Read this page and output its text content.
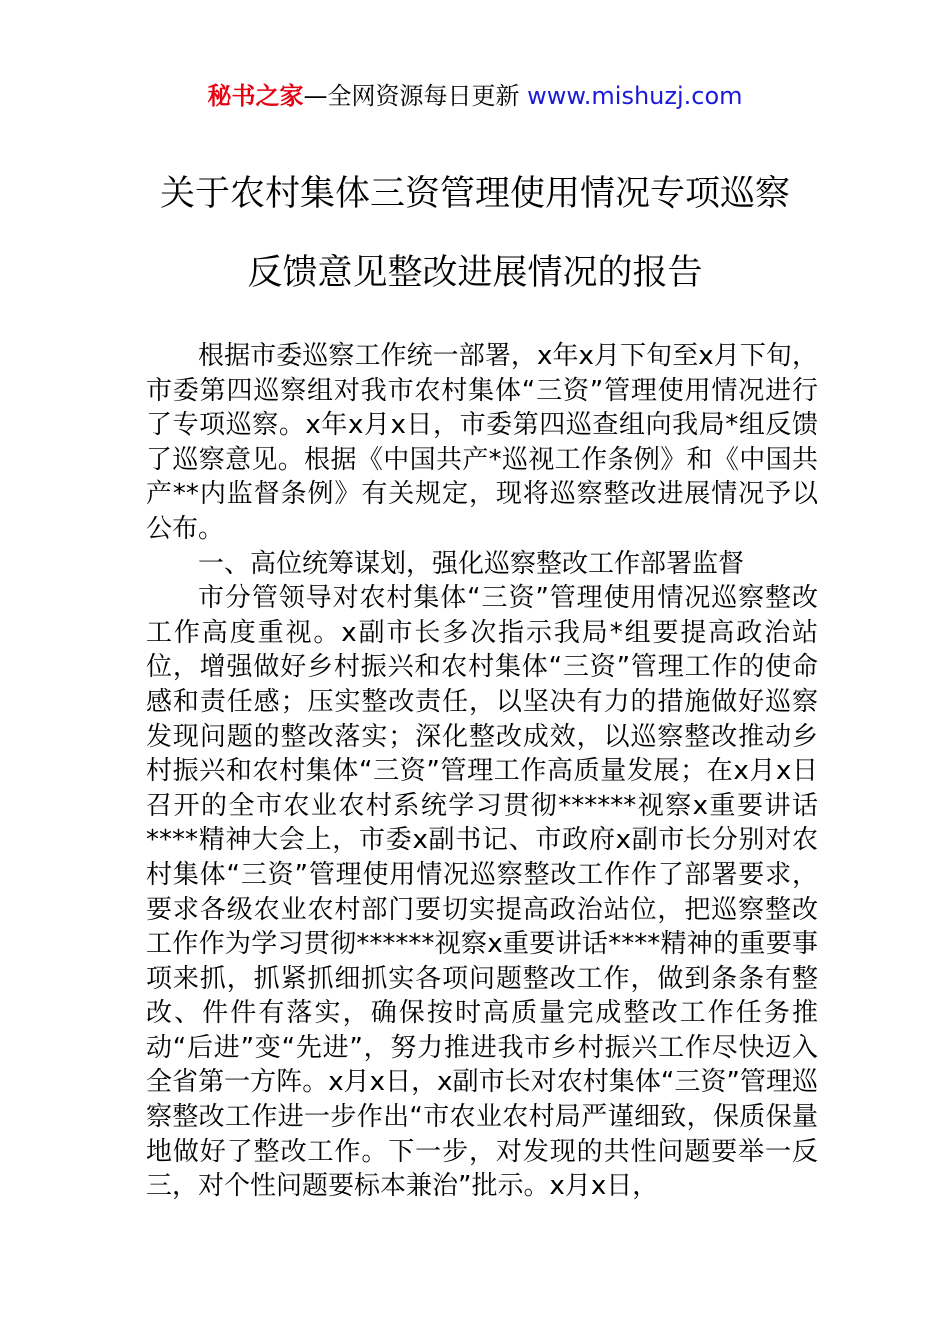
秘书之家—全网资源每日更新 www.mishuzj.com
关于农村集体三资管理使用情况专项巡察
反馈意见整改进展情况的报告

根据市委巡察工作统一部署，x年x月下旬至x月下旬，市委第四巡察组对我市农村集体“三资”管理使用情况进行了专项巡察。x年x月x日，市委第四巡查组向我局*组反馈了巡察意见。根据《中国共产*巡视工作条例》和《中国共产**内监督条例》有关规定，现将巡察整改进展情况予以公布。

一、高位统筹谋划，强化巡察整改工作部署监督

市分管领导对农村集体“三资”管理使用情况巡察整改工作高度重视。x副市长多次指示我局*组要提高政治站位，增强做好乡村振兴和农村集体“三资”管理工作的使命感和责任感；压实整改责任，以坚决有力的措施做好巡察发现问题的整改落实；深化整改成效，以巡察整改推动乡村振兴和农村集体“三资”管理工作高质量发展；在x月x日召开的全市农业农村系统学习贯彻******视察x重要讲话****精神大会上，市委x副书记、市政府x副市长分别对农村集体“三资”管理使用情况巡察整改工作作了部署要求，要求各级农业农村部门要切实提高政治站位，把巡察整改工作作为学习贯彻******视察x重要讲话****精神的重要事项来抓，抓紧抓细抓实各项问题整改工作，做到条条有整改、件件有落实，确保按时高质量完成整改工作任务推动“后进”变“先进”，努力推进我市乡村振兴工作尽快迈入全省第一方阵。x月x日，x副市长对农村集体“三资”管理巡察整改工作进一步作出“市农业农村局严谨细致，保质保量地做好了整改工作。下一步，对发现的共性问题要举一反三，对个性问题要标本兼治”批示。x月x日，
